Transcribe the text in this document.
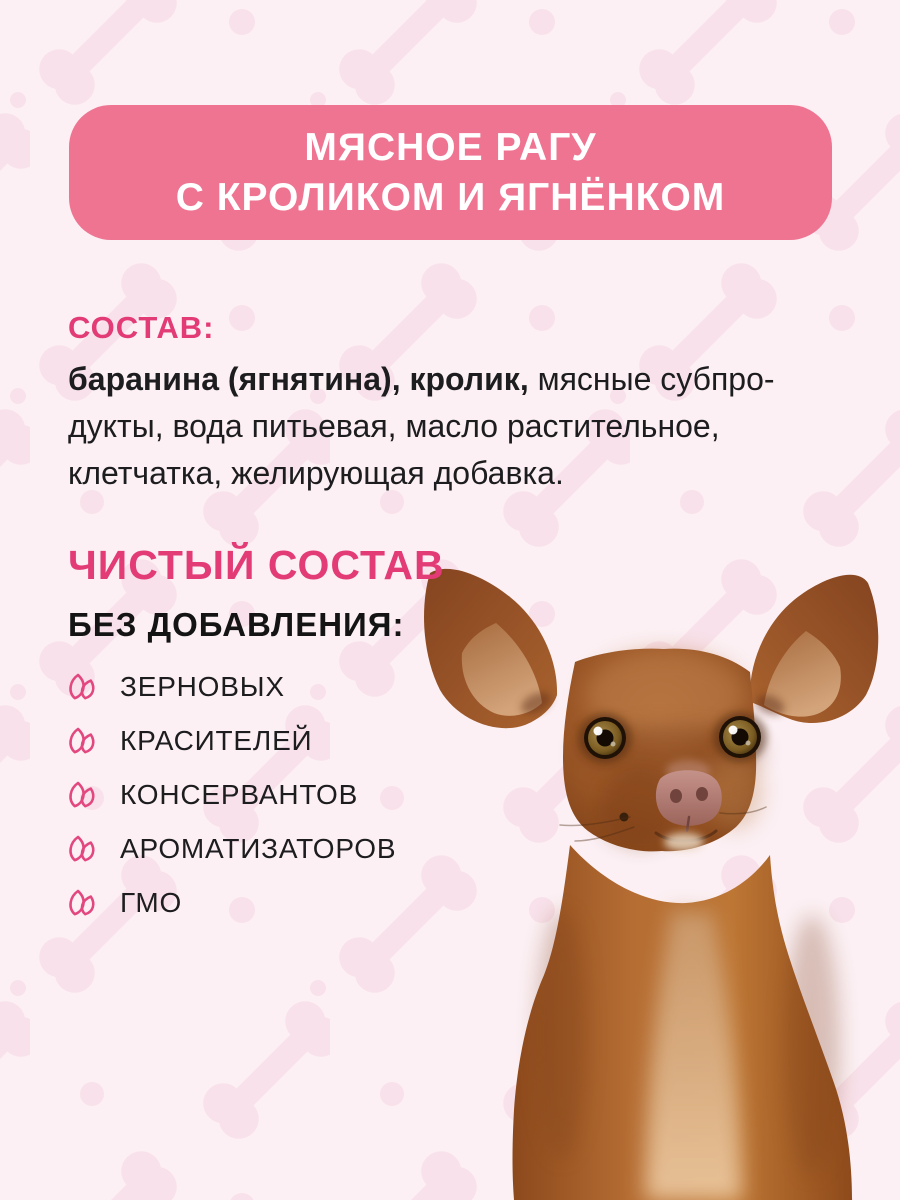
МЯСНОЕ РАГУ
С КРОЛИКОМ И ЯГНЁНКОМ
СОСТАВ:

баранина (ягнятина), кролик, мясные субпродукты, вода питьевая, масло растительное, клетчатка, желирующая добавка.

ЧИСТЫЙ СОСТАВ
БЕЗ ДОБАВЛЕНИЯ:
ЗЕРНОВЫХ
КРАСИТЕЛЕЙ
КОНСЕРВАНТОВ
АРОМАТИЗАТОРОВ
ГМО
